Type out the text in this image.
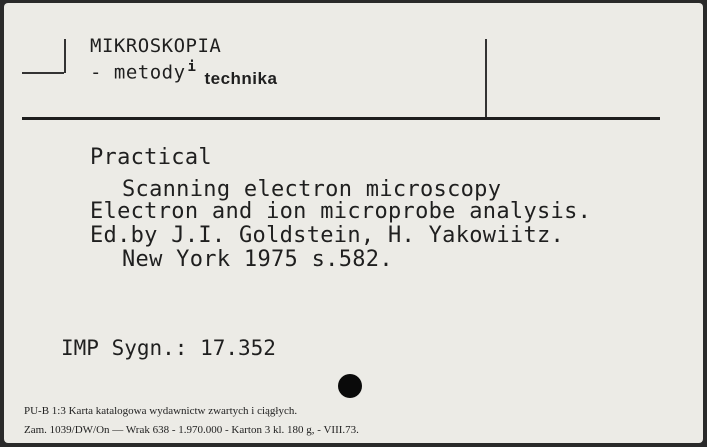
MIKROSKOPIA
- metody $^i$technika
Practical
Scanning electron microscopy
Electron and ion microprobe analysis.
Ed.by J.I. Goldstein, H. Yakowiitz.
New York 1975 s.582.
IMP Sygn.: 17.352
PU-B 1:3 Karta katalogowa wydawnictw zwartych i ciągłych.
Zam. 1039/DW/On — Wrak 638 - 1.970.000 - Karton 3 kl. 180 g, - VIII.73.
